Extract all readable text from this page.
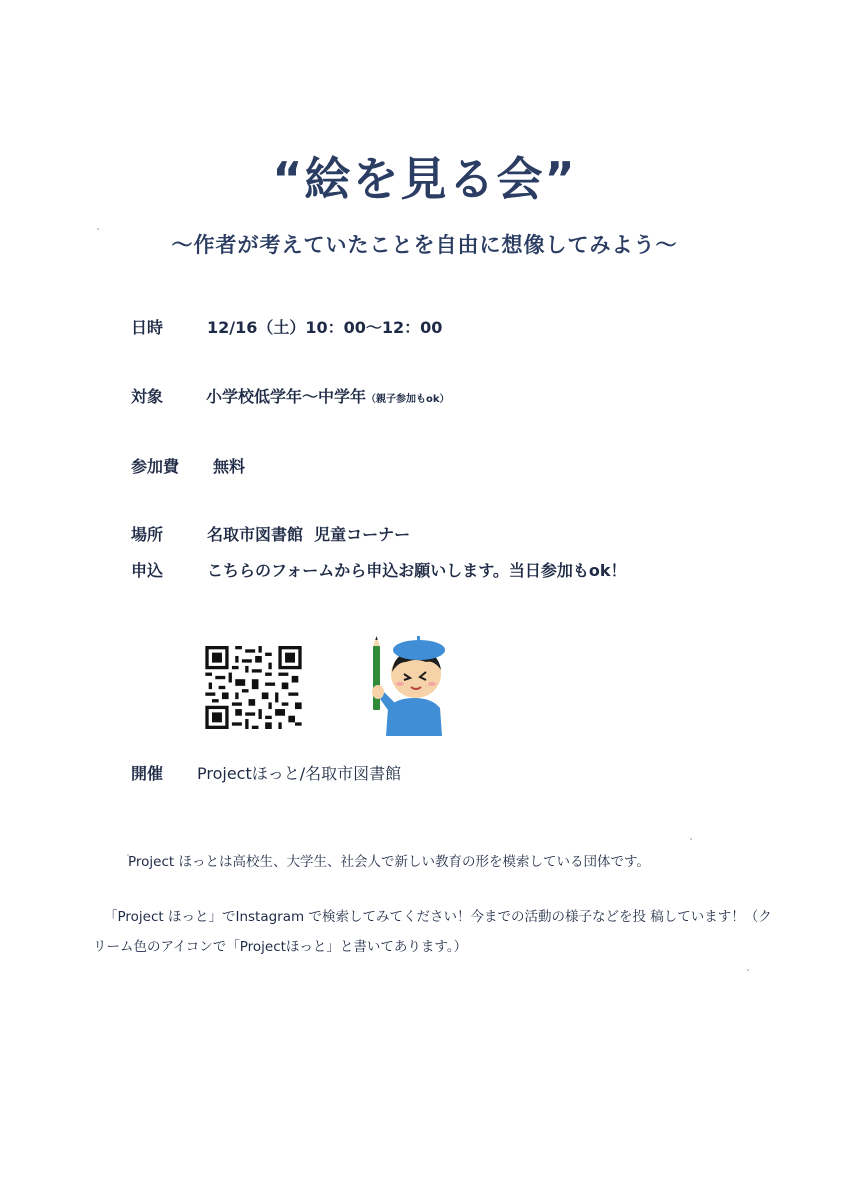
“絵を見る会”
～作者が考えていたことを自由に想像してみよう～
日時	12/16（土）10：00～12：00
対象	小学校低学年～中学年（親子参加もok）
参加費 無料
場所	名取市図書館  児童コーナー
申込	こちらのフォームから申込お願いします。当日参加もok！
開催 Projectほっと/名取市図書館
Project ほっとは高校生、大学生、社会人で新しい教育の形を模索している団体です。
「Project ほっと」でInstagram で検索してみてください！今までの活動の様子などを投 稿しています！（ク
リーム色のアイコンで「Projectほっと」と書いてあります。）
